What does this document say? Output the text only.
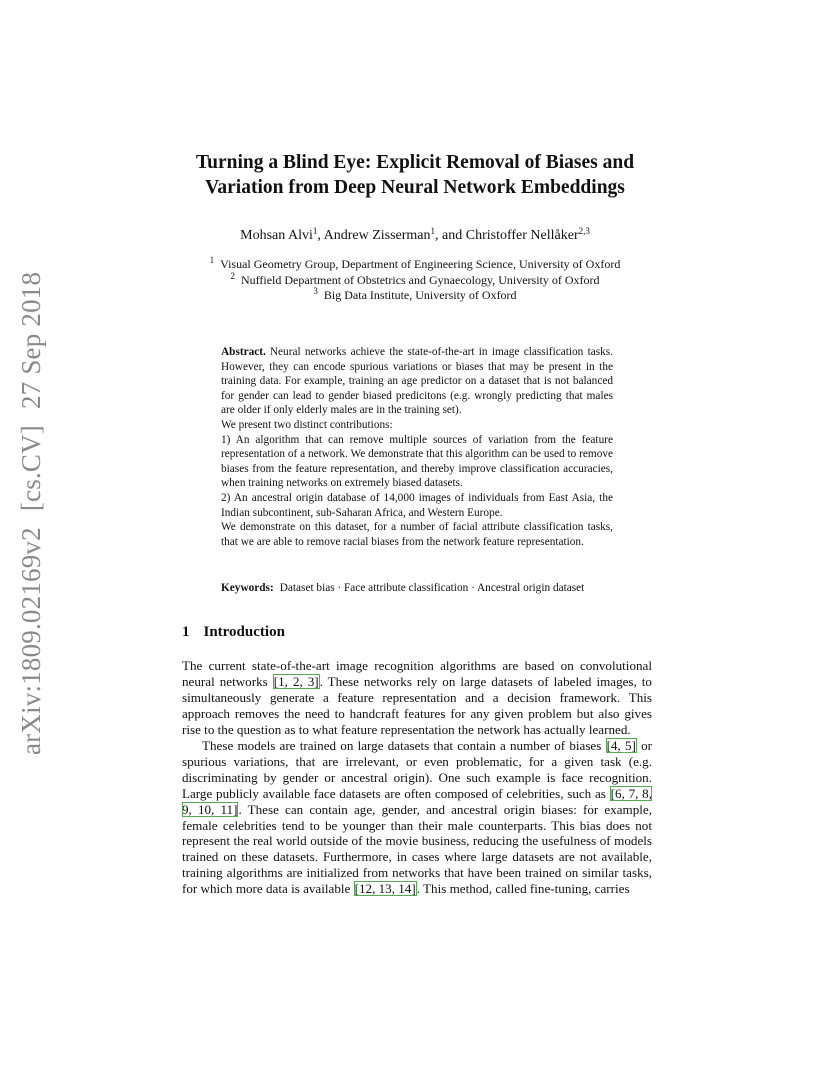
arXiv:1809.02169v2[cs.CV]27 Sep 2018
Turning a Blind Eye: Explicit Removal of Biases and
Variation from Deep Neural Network Embeddings
Mohsan Alvi$^1$, Andrew Zisserman$^1$, and Christoffer Nellåker$^{2,3}$
$^1$ Visual Geometry Group, Department of Engineering Science, University of Oxford
$^2$ Nuffield Department of Obstetrics and Gynaecology, University of Oxford
$^3$ Big Data Institute, University of Oxford

Abstract. Neural networks achieve the state-of-the-art in image classification tasks. However, they can encode spurious variations or biases that may be present in the training data. For example, training an age predictor on a dataset that is not balanced for gender can lead to gender biased predicitons (e.g. wrongly predicting that males are older if only elderly males are in the training set).

We present two distinct contributions:

1) An algorithm that can remove multiple sources of variation from the feature representation of a network. We demonstrate that this algorithm can be used to remove biases from the feature representation, and thereby improve classification accuracies, when training networks on extremely biased datasets.

2) An ancestral origin database of 14,000 images of individuals from East Asia, the Indian subcontinent, sub-Saharan Africa, and Western Europe.

We demonstrate on this dataset, for a number of facial attribute classification tasks, that we are able to remove racial biases from the network feature representation.

Keywords: Dataset bias · Face attribute classification · Ancestral origin dataset
1 Introduction

The current state-of-the-art image recognition algorithms are based on convolutional neural networks [1, 2, 3]. These networks rely on large datasets of labeled images, to simultaneously generate a feature representation and a decision framework. This approach removes the need to handcraft features for any given problem but also gives rise to the question as to what feature representation the network has actually learned.

These models are trained on large datasets that contain a number of biases [4, 5] or spurious variations, that are irrelevant, or even problematic, for a given task (e.g. discriminating by gender or ancestral origin). One such example is face recognition. Large publicly available face datasets are often composed of celebrities, such as [6, 7, 8, 9, 10, 11]. These can contain age, gender, and ancestral origin biases: for example, female celebrities tend to be younger than their male counterparts. This bias does not represent the real world outside of the movie business, reducing the usefulness of models trained on these datasets. Furthermore, in cases where large datasets are not available, training algorithms are initialized from networks that have been trained on similar tasks, for which more data is available [12, 13, 14]. This method, called fine-tuning, carries
